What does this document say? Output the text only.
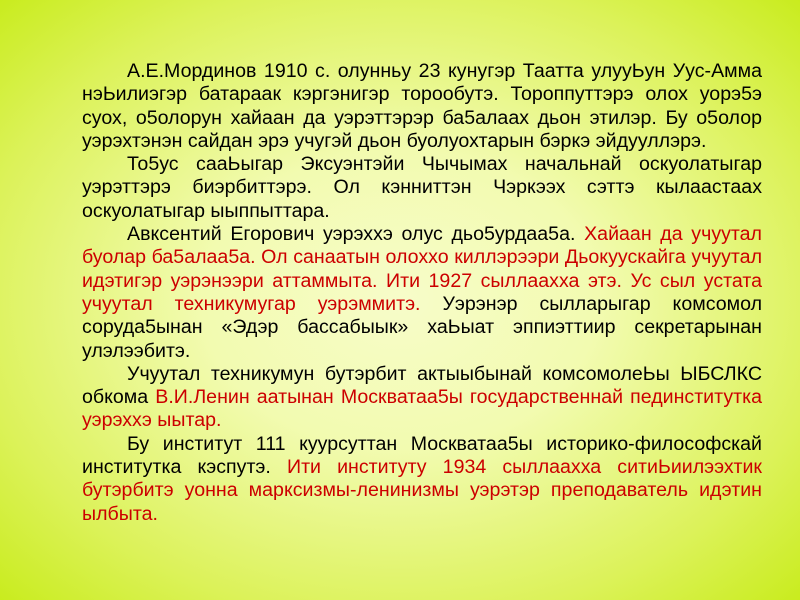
А.Е.Мординов 1910 с. олунньу 23 кунугэр Таатта улууЬун Уус-Амма нэЬилиэгэр батараак кэргэнигэр торообутэ. Тороппуттэрэ олох уорэ5э суох, о5олорун хайаан да уэрэттэрэр ба5алаах дьон этилэр. Бу о5олор уэрэхтэнэн сайдан эрэ учугэй дьон буолуохтарын бэркэ эйдууллэрэ.

То5ус сааЬыгар Эксуэнтэйи Чычымах начальнай оскуолатыгар уэрэттэрэ биэрбиттэрэ. Ол кэнниттэн Чэркээх сэттэ кылаастаах оскуолатыгар ыыппыттара.

Авксентий Егорович уэрэххэ олус дьо5урдаа5а. Хайаан да учуутал буолар ба5алаа5а. Ол санаатын олоххо киллэрээри Дьокуускайга учуутал идэтигэр уэрэнээри аттаммыта. Ити 1927 сыллаахха этэ. Ус сыл устата учуутал техникумугар уэрэммитэ. Уэрэнэр сылларыгар комсомол соруда5ынан «Эдэр бассабыык» хаЬыат эппиэттиир секретарынан улэлээбитэ.

Учуутал техникумун бутэрбит актыыбынай комсомолеЬы ЫБСЛКС обкома В.И.Ленин аатынан Москватаа5ы государственнай пединститутка уэрэххэ ыытар.

Бу институт 111 куурсуттан Москватаа5ы историко-философскай институтка кэспутэ. Ити институту 1934 сыллаахха ситиЬиилээхтик бутэрбитэ уонна марксизмы-ленинизмы уэрэтэр преподаватель идэтин ылбыта.
